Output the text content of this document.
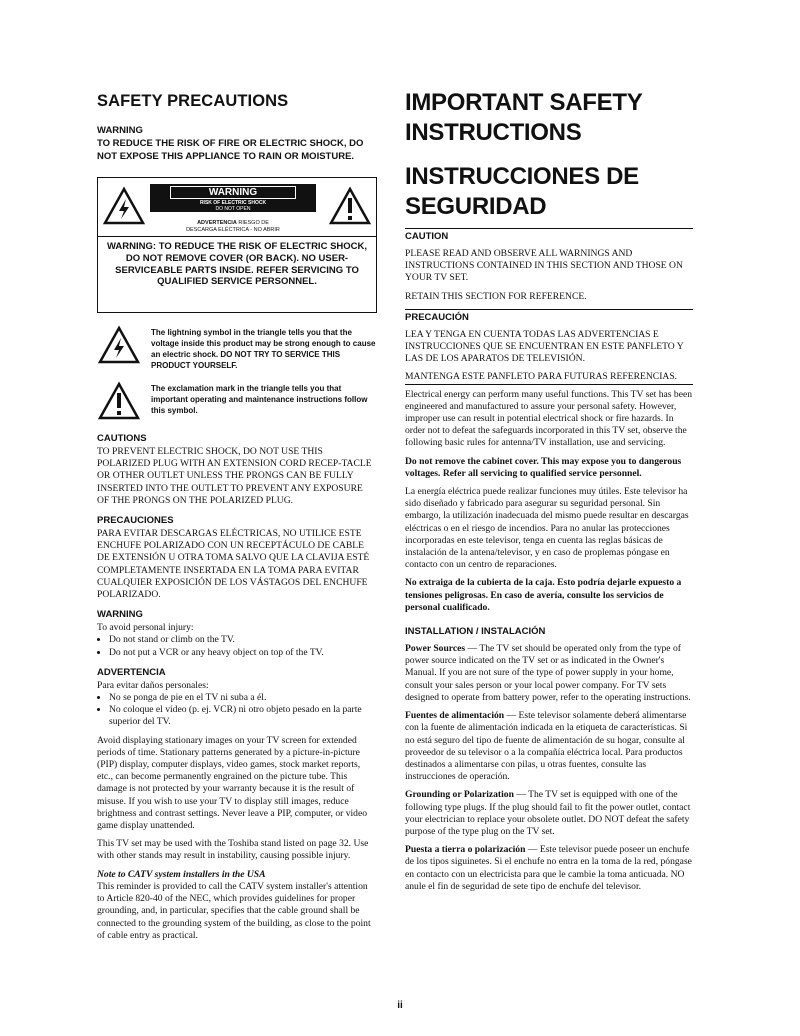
SAFETY PRECAUTIONS
WARNING
TO REDUCE THE RISK OF FIRE OR ELECTRIC SHOCK, DO NOT EXPOSE THIS APPLIANCE TO RAIN OR MOISTURE.
WARNING
RISK OF ELECTRIC SHOCK
DO NOT OPEN
ADVERTENCIA RIESGO DE
DESCARGA ELÉCTRICA - NO ABRIR
WARNING: TO REDUCE THE RISK OF ELECTRIC SHOCK, DO NOT REMOVE COVER (OR BACK). NO USER-SERVICEABLE PARTS INSIDE. REFER SERVICING TO QUALIFIED SERVICE PERSONNEL.
The lightning symbol in the triangle tells you that the voltage inside this product may be strong enough to cause an electric shock. DO NOT TRY TO SERVICE THIS PRODUCT YOURSELF.
The exclamation mark in the triangle tells you that important operating and maintenance instructions follow this symbol.
CAUTIONS

TO PREVENT ELECTRIC SHOCK, DO NOT USE THIS POLARIZED PLUG WITH AN EXTENSION CORD RECEP-TACLE OR OTHER OUTLET UNLESS THE PRONGS CAN BE FULLY INSERTED INTO THE OUTLET TO PREVENT ANY EXPOSURE OF THE PRONGS ON THE POLARIZED PLUG.

PRECAUCIONES

PARA EVITAR DESCARGAS ELÉCTRICAS, NO UTILICE ESTE ENCHUFE POLARIZADO CON UN RECEPTÁCULO DE CABLE DE EXTENSIÓN U OTRA TOMA SALVO QUE LA CLAVIJA ESTÉ COMPLETAMENTE INSERTADA EN LA TOMA PARA EVITAR CUALQUIER EXPOSICIÓN DE LOS VÁSTAGOS DEL ENCHUFE POLARIZADO.

WARNING

To avoid personal injury:

• Do not stand or climb on the TV.
• Do not put a VCR or any heavy object on top of the TV.
ADVERTENCIA

Para evitar daños personales:

• No se ponga de pie en el TV ni suba a él.
• No coloque el vídeo (p. ej. VCR) ni otro objeto pesado en la parte superior del TV.

Avoid displaying stationary images on your TV screen for extended periods of time. Stationary patterns generated by a picture-in-picture (PIP) display, computer displays, video games, stock market reports, etc., can become permanently engrained on the picture tube. This damage is not protected by your warranty because it is the result of misuse. If you wish to use your TV to display still images, reduce brightness and contrast settings. Never leave a PIP, computer, or video game display unattended.

This TV set may be used with the Toshiba stand listed on page 32. Use with other stands may result in instability, causing possible injury.

Note to CATV system installers in the USA

This reminder is provided to call the CATV system installer's attention to Article 820-40 of the NEC, which provides guidelines for proper grounding, and, in particular, specifies that the cable ground shall be connected to the grounding system of the building, as close to the point of cable entry as practical.

IMPORTANT SAFETY
INSTRUCTIONS
INSTRUCCIONES DE
SEGURIDAD
CAUTION

PLEASE READ AND OBSERVE ALL WARNINGS AND INSTRUCTIONS CONTAINED IN THIS SECTION AND THOSE ON YOUR TV SET.

RETAIN THIS SECTION FOR REFERENCE.

PRECAUCIÓN

LEA Y TENGA EN CUENTA TODAS LAS ADVERTENCIAS E INSTRUCCIONES QUE SE ENCUENTRAN EN ESTE PANFLETO Y LAS DE LOS APARATOS DE TELEVISIÓN.

MANTENGA ESTE PANFLETO PARA FUTURAS REFERENCIAS.

Electrical energy can perform many useful functions. This TV set has been engineered and manufactured to assure your personal safety. However, improper use can result in potential electrical shock or fire hazards. In order not to defeat the safeguards incorporated in this TV set, observe the following basic rules for antenna/TV installation, use and servicing.

Do not remove the cabinet cover. This may expose you to dangerous voltages. Refer all servicing to qualified service personnel.

La energía eléctrica puede realizar funciones muy útiles. Este televisor ha sido diseñado y fabricado para asegurar su seguridad personal. Sin embargo, la utilización inadecuada del mismo puede resultar en descargas eléctricas o en el riesgo de incendios. Para no anular las protecciones incorporadas en este televisor, tenga en cuenta las reglas básicas de instalación de la antena/televisor, y en caso de proplemas póngase en contacto con un centro de reparaciones.

No extraiga de la cubierta de la caja. Esto podría dejarle expuesto a tensiones peligrosas. En caso de avería, consulte los servicios de personal cualificado.

INSTALLATION / INSTALACIÓN

Power Sources — The TV set should be operated only from the type of power source indicated on the TV set or as indicated in the Owner's Manual. If you are not sure of the type of power supply in your home, consult your sales person or your local power company. For TV sets designed to operate from battery power, refer to the operating instructions.

Fuentes de alimentación — Este televisor solamente deberá alimentarse con la fuente de alimentación indicada en la etiqueta de características. Si no está seguro del tipo de fuente de alimentación de su hogar, consulte al proveedor de su televisor o a la compañía eléctrica local. Para productos destinados a alimentarse con pilas, u otras fuentes, consulte las instrucciones de operación.

Grounding or Polarization — The TV set is equipped with one of the following type plugs. If the plug should fail to fit the power outlet, contact your electrician to replace your obsolete outlet. DO NOT defeat the safety purpose of the type plug on the TV set.

Puesta a tierra o polarización — Este televisor puede poseer un enchufe de los tipos siguinetes. Si el enchufe no entra en la toma de la red, póngase en contacto con un electricista para que le cambie la toma anticuada. NO anule el fin de seguridad de sete tipo de enchufe del televisor.

ii
